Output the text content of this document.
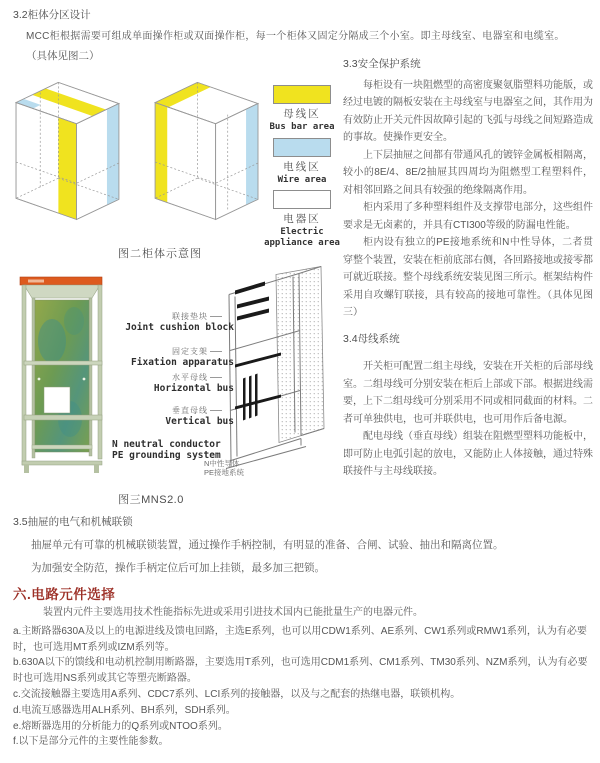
3.2柜体分区设计
MCC柜根据需要可组成单面操作柜或双面操作柜，每一个柜体又固定分隔成三个小室。即主母线室、电器室和电缆室。
（具体见图二）
母线区
Bus bar area
电线区
Wire area
电器区
Electric appliance area
图二柜体示意图

3.3安全保护系统

每柜设有一块阻燃型的高密度聚氨脂塑料功能版，或经过电镀的隔板安装在主母线室与电器室之间，其作用为有效防止开关元件因故障引起的飞弧与母线之间短路造成的事故。使操作更安全。

上下层抽屉之间都有带通风孔的镀锌金属板相隔离，较小的8E/4、8E/2抽屉其四周均为阻燃型工程塑料件，对相邻回路之间具有较强的绝缘隔离作用。

柜内采用了多种塑料组件及支撑带电部分，这些组件要求是无卤素的，并具有CTI300等级的防漏电性能。

柜内设有独立的PE接地系统和N中性导体，二者贯穿整个装置，安装在柜前底部右侧，各回路接地或接零都可就近联接。整个母线系统安装见图三所示。框架结构件采用自攻螺钉联接，具有较高的接地可靠性。（具体见图三）

3.4母线系统

开关柜可配置二组主母线，安装在开关柜的后部母线室。二组母线可分别安装在柜后上部或下部。根据进线需要，上下二组母线可分别采用不同或相同截面的材料。二者可单独供电，也可并联供电，也可用作后备电源。

配电母线（垂直母线）组装在阻燃型塑料功能板中，即可防止电弧引起的放电，又能防止人体接触，通过特殊联接件与主母线联接。

联接垫块
Joint cushion block
固定支架
Fixation apparatus
水平母线
Horizontal bus
垂直母线
Vertical bus
N neutral conductor
PE grounding system
N中性导体
PE接地系统
图三MNS2.0
3.5抽屉的电气和机械联锁
抽屉单元有可靠的机械联锁装置，通过操作手柄控制，有明显的准备、合闸、试验、抽出和隔离位置。
为加强安全防范，操作手柄定位后可加上挂锁，最多加三把锁。
六.电路元件选择

装置内元件主要选用技术性能指标先进或采用引进技术国内已能批量生产的电器元件。

a.主断路器630A及以上的电源进线及馈电回路，主选E系列，也可以用CDW1系列、AE系列、CW1系列或RMW1系列，认为有必要时，也可选用MT系列或IZM系列等。

b.630A以下的馈线和电动机控制用断路器，主要选用T系列，也可选用CDM1系列、CM1系列、TM30系列、NZM系列，认为有必要时也可选用NS系列或其它等塑壳断路器。

c.交流接触器主要选用A系列、CDC7系列、LCI系列的接触器，以及与之配套的热继电器，联锁机构。

d.电流互感器选用ALH系列、BH系列，SDH系列。

e.熔断器选用的分析能力的Q系列或NTOO系列。

f.以下是部分元件的主要性能参数。
